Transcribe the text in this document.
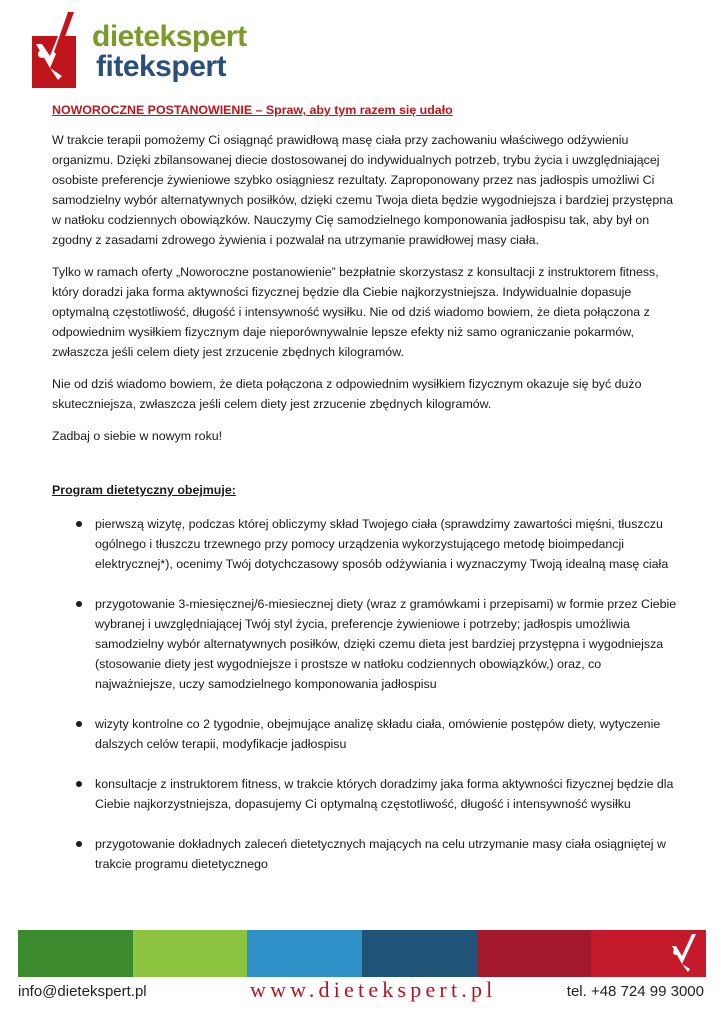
dietekspert
fitekspert
NOWOROCZNE POSTANOWIENIE – Spraw, aby tym razem się udało

W trakcie terapii pomożemy Ci osiągnąć prawidłową masę ciała przy zachowaniu właściwego odżywieniu organizmu. Dzięki zbilansowanej diecie dostosowanej do indywidualnych potrzeb, trybu życia i uwzględniającej osobiste preferencje żywieniowe szybko osiągniesz rezultaty. Zaproponowany przez nas jadłospis umożliwi Ci samodzielny wybór alternatywnych posiłków, dzięki czemu Twoja dieta będzie wygodniejsza i bardziej przystępna w natłoku codziennych obowiązków. Nauczymy Cię samodzielnego komponowania jadłospisu tak, aby był on zgodny z zasadami zdrowego żywienia i pozwalał na utrzymanie prawidłowej masy ciała.

Tylko w ramach oferty „Noworoczne postanowienie” bezpłatnie skorzystasz z konsultacji z instruktorem fitness, który doradzi jaka forma aktywności fizycznej będzie dla Ciebie najkorzystniejsza. Indywidualnie dopasuje optymalną częstotliwość, długość i intensywność wysiłku. Nie od dziś wiadomo bowiem, że dieta połączona z odpowiednim wysiłkiem fizycznym daje nieporównywalnie lepsze efekty niż samo ograniczanie pokarmów, zwłaszcza jeśli celem diety jest zrzucenie zbędnych kilogramów.

Nie od dziś wiadomo bowiem, że dieta połączona z odpowiednim wysiłkiem fizycznym okazuje się być dużo skuteczniejsza, zwłaszcza jeśli celem diety jest zrzucenie zbędnych kilogramów.

Zadbaj o siebie w nowym roku!

Program dietetyczny obejmuje:
pierwszą wizytę, podczas której obliczymy skład Twojego ciała (sprawdzimy zawartości mięśni, tłuszczu ogólnego i tłuszczu trzewnego przy pomocy urządzenia wykorzystującego metodę bioimpedancji elektrycznej*), ocenimy Twój dotychczasowy sposób odżywiania i wyznaczymy Twoją idealną masę ciała
przygotowanie 3-miesięcznej/6-miesiecznej diety (wraz z gramówkami i przepisami) w formie przez Ciebie wybranej i uwzględniającej Twój styl życia, preferencje żywieniowe i potrzeby; jadłospis umożliwia samodzielny wybór alternatywnych posiłków, dzięki czemu dieta jest bardziej przystępna i wygodniejsza (stosowanie diety jest wygodniejsze i prostsze w natłoku codziennych obowiązków,) oraz, co najważniejsze, uczy samodzielnego komponowania jadłospisu
wizyty kontrolne co 2 tygodnie, obejmujące analizę składu ciała, omówienie postępów diety, wytyczenie dalszych celów terapii, modyfikacje jadłospisu
konsultacje z instruktorem fitness, w trakcie których doradzimy jaka forma aktywności fizycznej będzie dla Ciebie najkorzystniejsza, dopasujemy Ci optymalną częstotliwość, długość i intensywność wysiłku
przygotowanie dokładnych zaleceń dietetycznych mających na celu utrzymanie masy ciała osiągniętej w trakcie programu dietetycznego
info@dietekspert.pl	www.dietekspert.pl	tel. +48 724 99 3000
